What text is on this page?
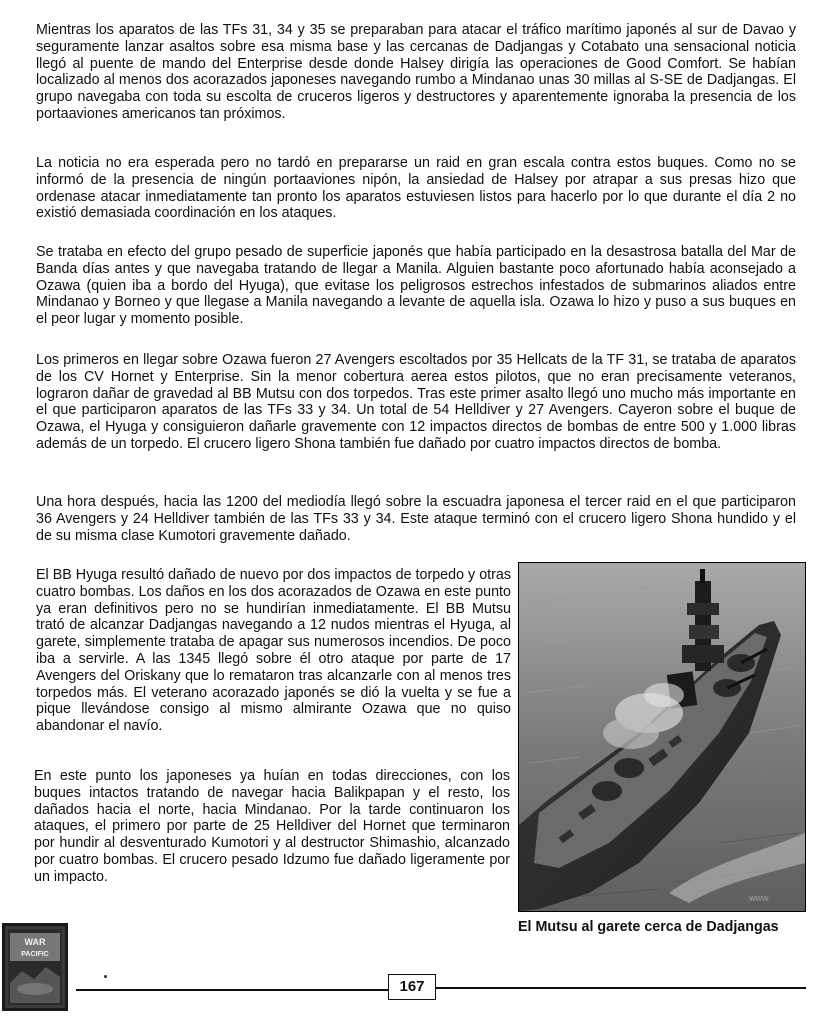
Mientras los aparatos de las TFs 31, 34 y 35 se preparaban para atacar el tráfico marítimo japonés al sur de Davao y seguramente lanzar asaltos sobre esa misma base y las cercanas de Dadjangas y Cotabato una sensacional noticia llegó al puente de mando del Enterprise desde donde Halsey dirigía las operaciones de Good Comfort. Se habían localizado al menos dos acorazados japoneses navegando rumbo a Mindanao unas 30 millas al S-SE de Dadjangas. El grupo navegaba con toda su escolta de cruceros ligeros y destructores y aparentemente ignoraba la presencia de los portaaviones americanos tan próximos.

La noticia no era esperada pero no tardó en prepararse un raid en gran escala contra estos buques. Como no se informó de la presencia de ningún portaaviones nipón, la ansiedad de Halsey por atrapar a sus presas hizo que ordenase atacar inmediatamente tan pronto los aparatos estuviesen listos para hacerlo por lo que durante el día 2 no existió demasiada coordinación en los ataques.

Se trataba en efecto del grupo pesado de superficie japonés que había participado en la desastrosa batalla del Mar de Banda días antes y que navegaba tratando de llegar a Manila. Alguien bastante poco afortunado había aconsejado a Ozawa (quien iba a bordo del Hyuga), que evitase los peligrosos estrechos infestados de submarinos aliados entre Mindanao y Borneo y que llegase a Manila navegando a levante de aquella isla. Ozawa lo hizo y puso a sus buques en el peor lugar y momento posible.

Los primeros en llegar sobre Ozawa fueron 27 Avengers escoltados por 35 Hellcats de la TF 31, se trataba de aparatos de los CV Hornet y Enterprise. Sin la menor cobertura aerea estos pilotos, que no eran precisamente veteranos, lograron dañar de gravedad al BB Mutsu con dos torpedos. Tras este primer asalto llegó uno mucho más importante en el que participaron aparatos de las TFs 33 y 34. Un total de 54 Helldiver y 27 Avengers. Cayeron sobre el buque de Ozawa, el Hyuga y consiguieron dañarle gravemente con 12 impactos directos de bombas de entre 500 y 1.000 libras además de un torpedo. El crucero ligero Shona también fue dañado por cuatro impactos directos de bomba.

Una hora después, hacia las 1200 del mediodía llegó sobre la escuadra japonesa el tercer raid en el que participaron 36 Avengers y 24 Helldiver también de las TFs 33 y 34. Este ataque terminó con el crucero ligero Shona hundido y el de su misma clase Kumotori gravemente dañado.

El BB Hyuga resultó dañado de nuevo por dos impactos de torpedo y otras cuatro bombas. Los daños en los dos acorazados de Ozawa en este punto ya eran definitivos pero no se hundirían inmediatamente. El BB Mutsu trató de alcanzar Dadjangas navegando a 12 nudos mientras el Hyuga, al garete, simplemente trataba de apagar sus numerosos incendios. De poco iba a servirle. A las 1345 llegó sobre él otro ataque por parte de 17 Avengers del Oriskany que lo remataron tras alcanzarle con al menos tres torpedos más. El veterano acorazado japonés se dió la vuelta y se fue a pique llevándose consigo al mismo almirante Ozawa que no quiso abandonar el navío.

En este punto los japoneses ya huían en todas direcciones, con los buques intactos tratando de navegar hacia Balikpapan y el resto, los dañados hacia el norte, hacia Mindanao. Por la tarde continuaron los ataques, el primero por parte de 25 Helldiver del Hornet que terminaron por hundir al desventurado Kumotori y al destructor Shimashio, alcanzado por cuatro bombas. El crucero pesado Idzumo fue dañado ligeramente por un impacto.

www
El Mutsu al garete cerca de Dadjangas
WAR
PACIFIC
167
